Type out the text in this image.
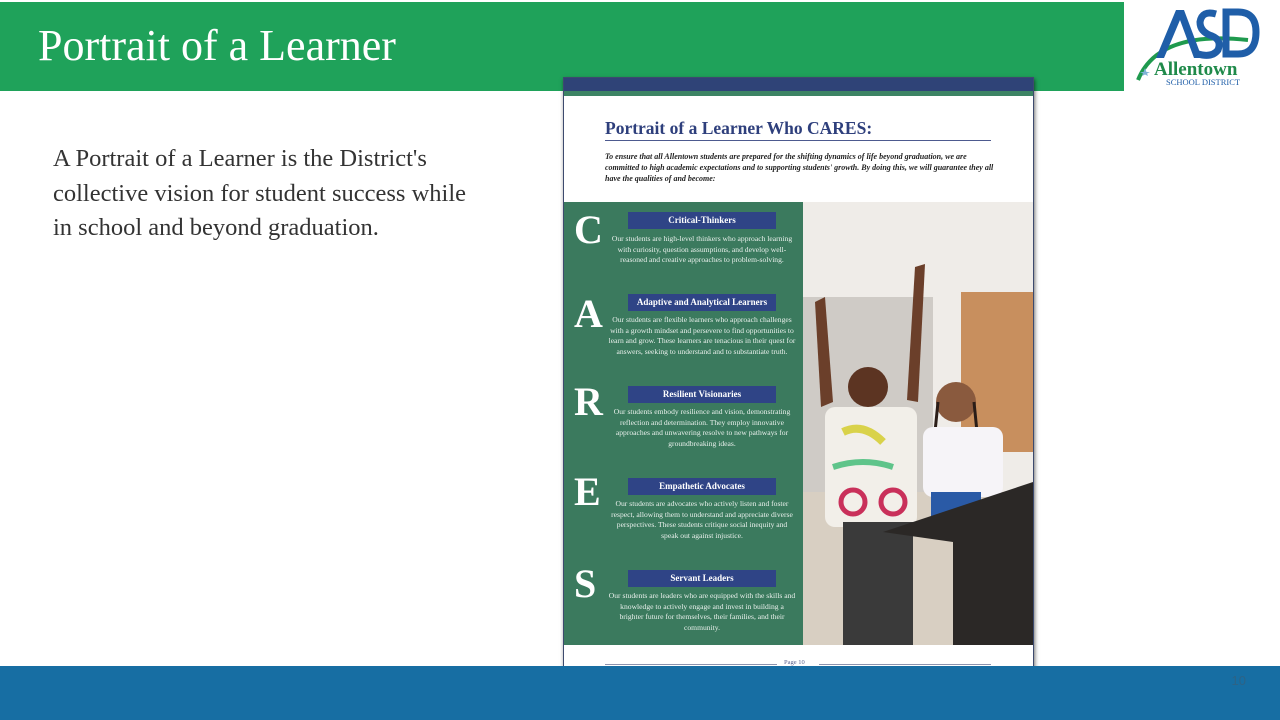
Portrait of a Learner	Allentown
SCHOOL DISTRICT
A Portrait of a Learner is the District's collective vision for student success while in school and beyond graduation.
Portrait of a Learner Who CARES:
To ensure that all Allentown students are prepared for the shifting dynamics of life beyond graduation, we are committed to high academic expectations and to supporting students' growth. By doing this, we will guarantee they all have the qualities of and become:
C	Critical-Thinkers
Our students are high-level thinkers who approach learning with curiosity, question assumptions, and develop well-reasoned and creative approaches to problem-solving.
A	Adaptive and Analytical Learners
Our students are flexible learners who approach challenges with a growth mindset and persevere to find opportunities to learn and grow. These learners are tenacious in their quest for answers, seeking to understand and to substantiate truth.
R	Resilient Visionaries
Our students embody resilience and vision, demonstrating reflection and determination. They employ innovative approaches and unwavering resolve to new pathways for groundbreaking ideas.
E	Empathetic Advocates
Our students are advocates who actively listen and foster respect, allowing them to understand and appreciate diverse perspectives. These students critique social inequity and speak out against injustice.
S	Servant Leaders
Our students are leaders who are equipped with the skills and knowledge to actively engage and invest in building a brighter future for themselves, their families, and their community.
Page 10
10
